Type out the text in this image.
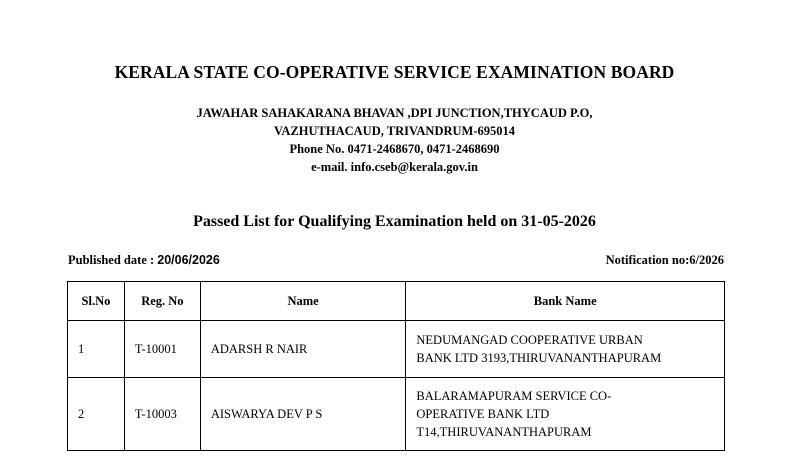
KERALA STATE CO-OPERATIVE SERVICE EXAMINATION BOARD
JAWAHAR SAHAKARANA BHAVAN ,DPI JUNCTION,THYCAUD P.O,
VAZHUTHACAUD, TRIVANDRUM-695014
Phone No. 0471-2468670, 0471-2468690
e-mail. info.cseb@kerala.gov.in
Passed List for Qualifying Examination held on 31-05-2026
Published date : 20/06/2026	Notification no:6/2026
Sl.No	Reg. No	Name	Bank Name
1	T-10001	ADARSH R NAIR	NEDUMANGAD COOPERATIVE URBAN
BANK LTD 3193,THIRUVANANTHAPURAM

2	T-10003	AISWARYA DEV P S	BALARAMAPURAM SERVICE CO-
OPERATIVE BANK LTD
T14,THIRUVANANTHAPURAM
